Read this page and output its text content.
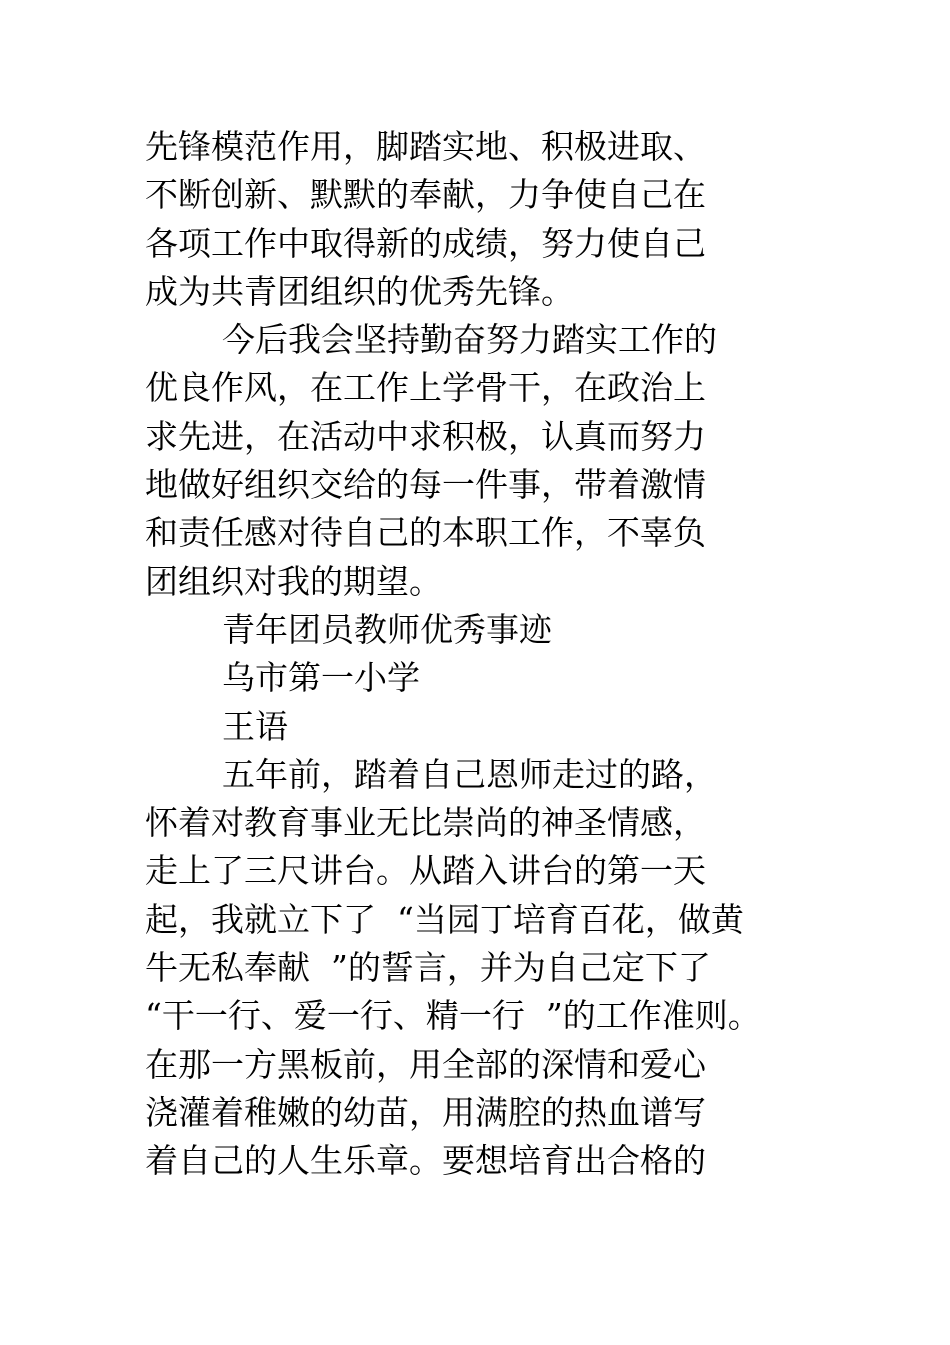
先锋模范作用，脚踏实地、积极进取、
不断创新、默默的奉献，力争使自己在
各项工作中取得新的成绩，努力使自己
成为共青团组织的优秀先锋。
今后我会坚持勤奋努力踏实工作的
优良作风，在工作上学骨干，在政治上
求先进，在活动中求积极，认真而努力
地做好组织交给的每一件事，带着激情
和责任感对待自己的本职工作，不辜负
团组织对我的期望。
青年团员教师优秀事迹
乌市第一小学
王语
五年前，踏着自己恩师走过的路，
怀着对教育事业无比崇尚的神圣情感，
走上了三尺讲台。从踏入讲台的第一天
起，我就立下了  “当园丁培育百花，做黄
牛无私奉献  ”的誓言，并为自己定下了
“干一行、爱一行、精一行  ”的工作准则。
在那一方黑板前，用全部的深情和爱心
浇灌着稚嫩的幼苗，用满腔的热血谱写
着自己的人生乐章。要想培育出合格的
